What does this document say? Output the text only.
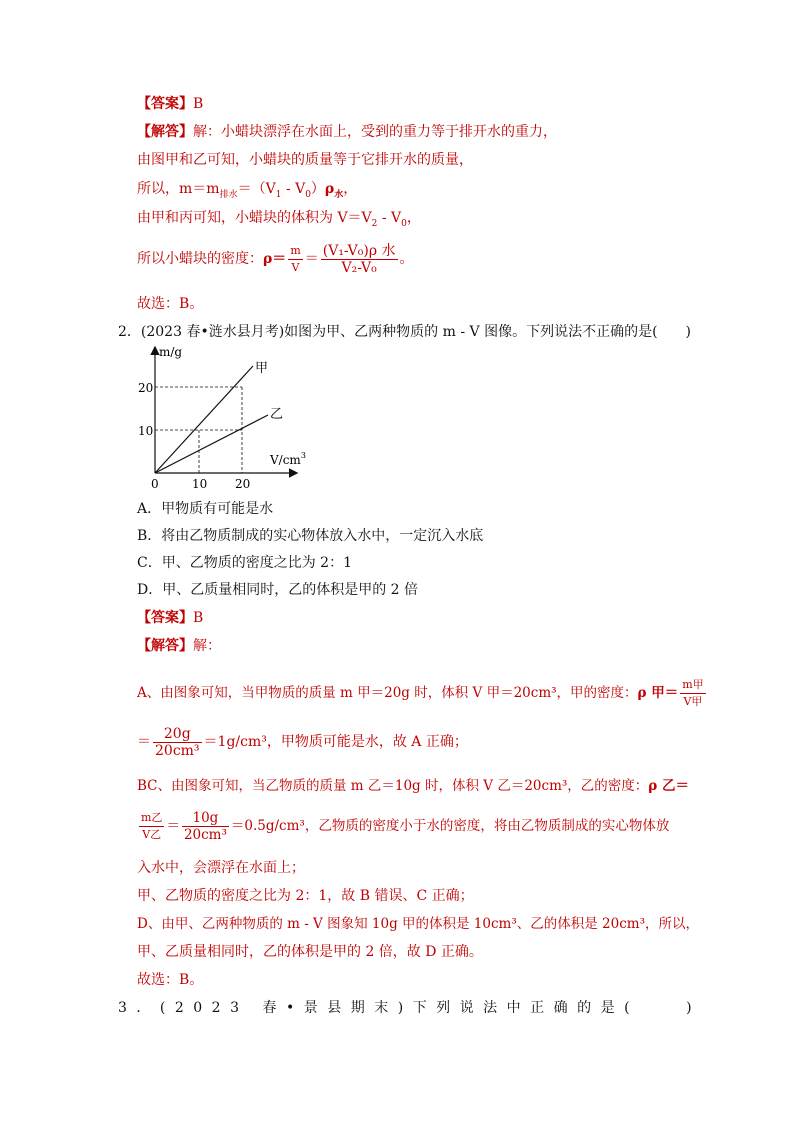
【答案】B
【解答】解：小蜡块漂浮在水面上，受到的重力等于排开水的重力，
由图甲和乙可知，小蜡块的质量等于它排开水的质量，
所以，$m=m_{排水}=(V_1 - V_0)\rho_水$，
由甲和丙可知，小蜡块的体积为 $V=V_2 - V_0$，
所以小蜡块的密度：$\rho= \frac{m}{V} = \frac{\text{(V₁-V₀)ρ 水}}{\text{V₂-V₀}}$ 。
故选：B。
2．(2023 春•涟水县月考)如图为甲、乙两种物质的 m - V 图像。下列说法不正确的是(　　)
m/g
甲
乙
20
10
$V/cm^3$
0	10 20
A．甲物质有可能是水
B．将由乙物质制成的实心物体放入水中，一定沉入水底
C．甲、乙物质的密度之比为 2：1
D．甲、乙质量相同时，乙的体积是甲的 2 倍
【答案】B
【解答】解：
A、由图象可知，当甲物质的质量 m 甲＝20g 时，体积 V 甲＝20cm³，甲的密度：ρ 甲＝ $\frac{\text{m甲}}{\text{V甲}}$
＝ $\frac{20g}{\text{20cm³}} =1g/cm^3$，甲物质可能是水，故 A 正确；
BC、由图象可知，当乙物质的质量 m 乙＝10g 时，体积 V 乙＝20cm³，乙的密度：ρ 乙＝
$\frac{\text{m乙}}{\text{V乙}} = \frac{10g}{\text{20cm³}} =0.5g/cm^3$，乙物质的密度小于水的密度，将由乙物质制成的实心物体放
入水中，会漂浮在水面上；
甲、乙物质的密度之比为 2：1，故 B 错误、C 正确；
D、由甲、乙两种物质的 m - V 图象知 10g 甲的体积是 10cm³、乙的体积是 20cm³，所以，
甲、乙质量相同时，乙的体积是甲的 2 倍，故 D 正确。
故选：B。
3．(2023 春•景县期末)下列说法中正确的是(　　)
